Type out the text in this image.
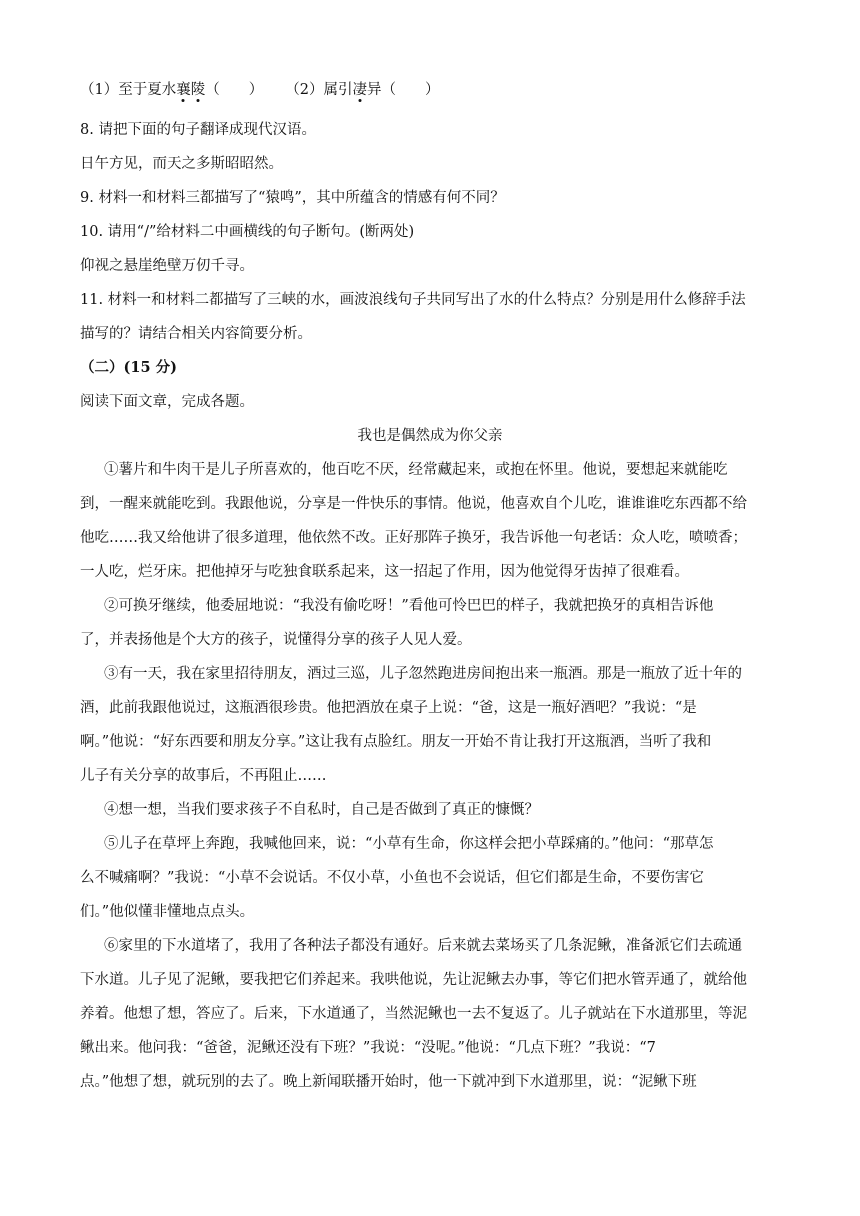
（1）至于夏水襄陵（　　） （2）属引凄异（　　）
8. 请把下面的句子翻译成现代汉语。
日午方见，而天之多斯昭昭然。
9. 材料一和材料三都描写了“猿鸣”，其中所蕴含的情感有何不同？
10. 请用“/”给材料二中画横线的句子断句。(断两处)
仰视之悬崖绝壁万仞千寻。
11. 材料一和材料二都描写了三峡的水，画波浪线句子共同写出了水的什么特点？分别是用什么修辞手法
描写的？请结合相关内容简要分析。
（二）(15 分)
阅读下面文章，完成各题。
我也是偶然成为你父亲
①薯片和牛肉干是儿子所喜欢的，他百吃不厌，经常藏起来，或抱在怀里。他说，要想起来就能吃
到，一醒来就能吃到。我跟他说，分享是一件快乐的事情。他说，他喜欢自个儿吃，谁谁谁吃东西都不给
他吃……我又给他讲了很多道理，他依然不改。正好那阵子换牙，我告诉他一句老话：众人吃，喷喷香；
一人吃，烂牙床。把他掉牙与吃独食联系起来，这一招起了作用，因为他觉得牙齿掉了很难看。
②可换牙继续，他委屈地说：“我没有偷吃呀！”看他可怜巴巴的样子，我就把换牙的真相告诉他
了，并表扬他是个大方的孩子，说懂得分享的孩子人见人爱。
③有一天，我在家里招待朋友，酒过三巡，儿子忽然跑进房间抱出来一瓶酒。那是一瓶放了近十年的
酒，此前我跟他说过，这瓶酒很珍贵。他把酒放在桌子上说：“爸，这是一瓶好酒吧？”我说：“是
啊。”他说：“好东西要和朋友分享。”这让我有点脸红。朋友一开始不肯让我打开这瓶酒，当听了我和
儿子有关分享的故事后，不再阻止……
④想一想，当我们要求孩子不自私时，自己是否做到了真正的慷慨？
⑤儿子在草坪上奔跑，我喊他回来，说：“小草有生命，你这样会把小草踩痛的。”他问：“那草怎
么不喊痛啊？”我说：“小草不会说话。不仅小草，小鱼也不会说话，但它们都是生命，不要伤害它
们。”他似懂非懂地点点头。
⑥家里的下水道堵了，我用了各种法子都没有通好。后来就去菜场买了几条泥鳅，准备派它们去疏通
下水道。儿子见了泥鳅，要我把它们养起来。我哄他说，先让泥鳅去办事，等它们把水管弄通了，就给他
养着。他想了想，答应了。后来，下水道通了，当然泥鳅也一去不复返了。儿子就站在下水道那里，等泥
鳅出来。他问我：“爸爸，泥鳅还没有下班？”我说：“没呢。”他说：“几点下班？”我说：“7
点。”他想了想，就玩别的去了。晚上新闻联播开始时，他一下就冲到下水道那里，说：“泥鳅下班
